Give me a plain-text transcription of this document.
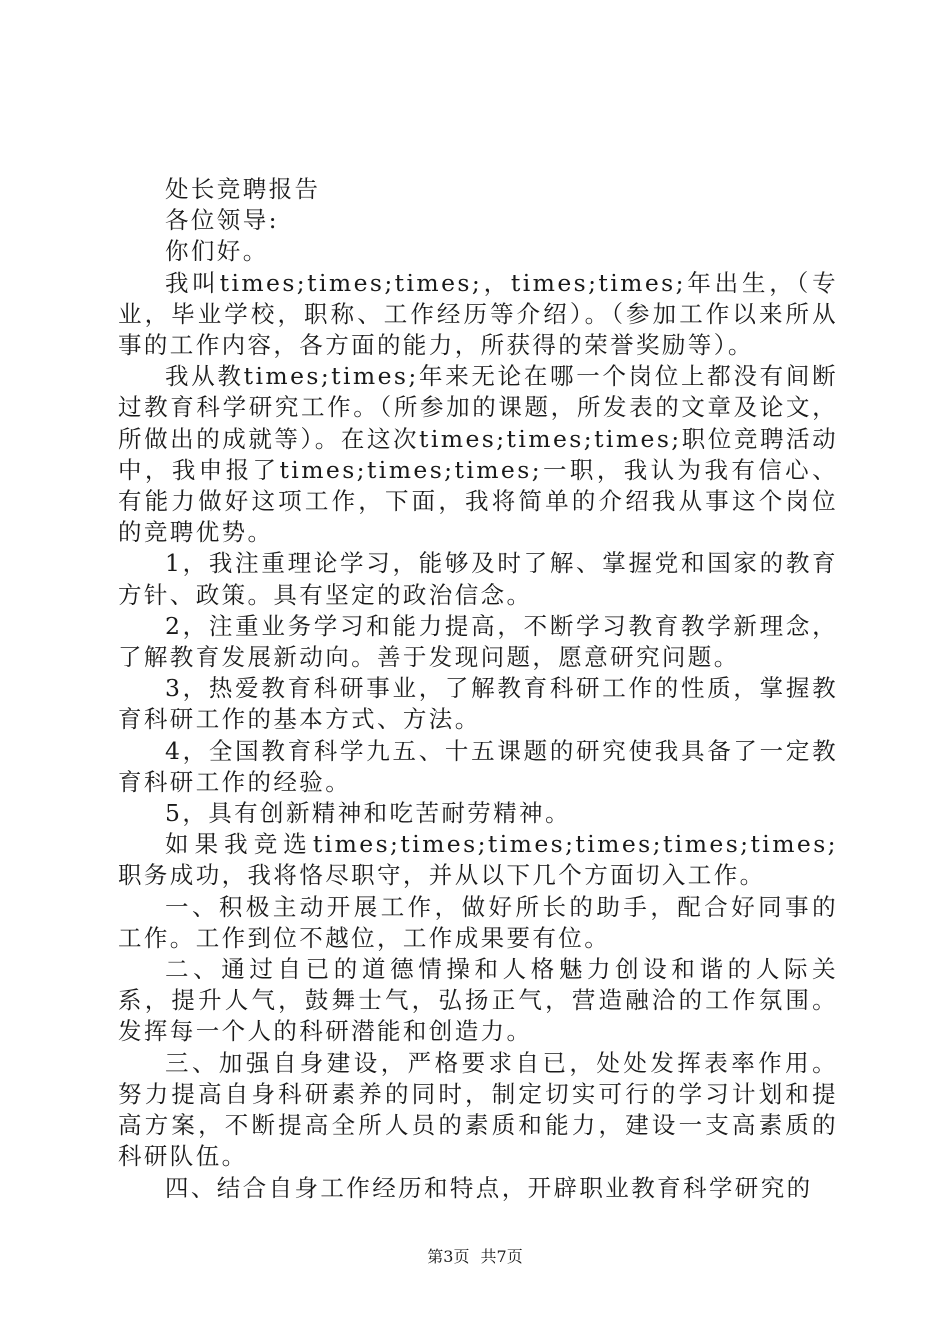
处长竞聘报告

各位领导:

你们好。

我叫times;times;times;，times;times;年出生，（专业，毕业学校，职称、工作经历等介绍）。（参加工作以来所从事的工作内容，各方面的能力，所获得的荣誉奖励等）。

我从教times;times;年来无论在哪一个岗位上都没有间断过教育科学研究工作。（所参加的课题，所发表的文章及论文，所做出的成就等）。在这次times;times;times;职位竞聘活动中，我申报了times;times;times;一职，我认为我有信心、有能力做好这项工作，下面，我将简单的介绍我从事这个岗位的竞聘优势。

1，我注重理论学习，能够及时了解、掌握党和国家的教育方针、政策。具有坚定的政治信念。

2，注重业务学习和能力提高，不断学习教育教学新理念，了解教育发展新动向。善于发现问题，愿意研究问题。

3，热爱教育科研事业，了解教育科研工作的性质，掌握教育科研工作的基本方式、方法。

4，全国教育科学九五、十五课题的研究使我具备了一定教育科研工作的经验。

5，具有创新精神和吃苦耐劳精神。

如果我竞选times;times;times;times;times;times;职务成功，我将恪尽职守，并从以下几个方面切入工作。

一、积极主动开展工作，做好所长的助手，配合好同事的工作。工作到位不越位，工作成果要有位。

二、通过自已的道德情操和人格魅力创设和谐的人际关系，提升人气，鼓舞士气，弘扬正气，营造融洽的工作氛围。发挥每一个人的科研潜能和创造力。

三、加强自身建设，严格要求自已，处处发挥表率作用。努力提高自身科研素养的同时，制定切实可行的学习计划和提高方案，不断提高全所人员的素质和能力，建设一支高素质的科研队伍。

四、结合自身工作经历和特点，开辟职业教育科学研究的

第3页 共7页
